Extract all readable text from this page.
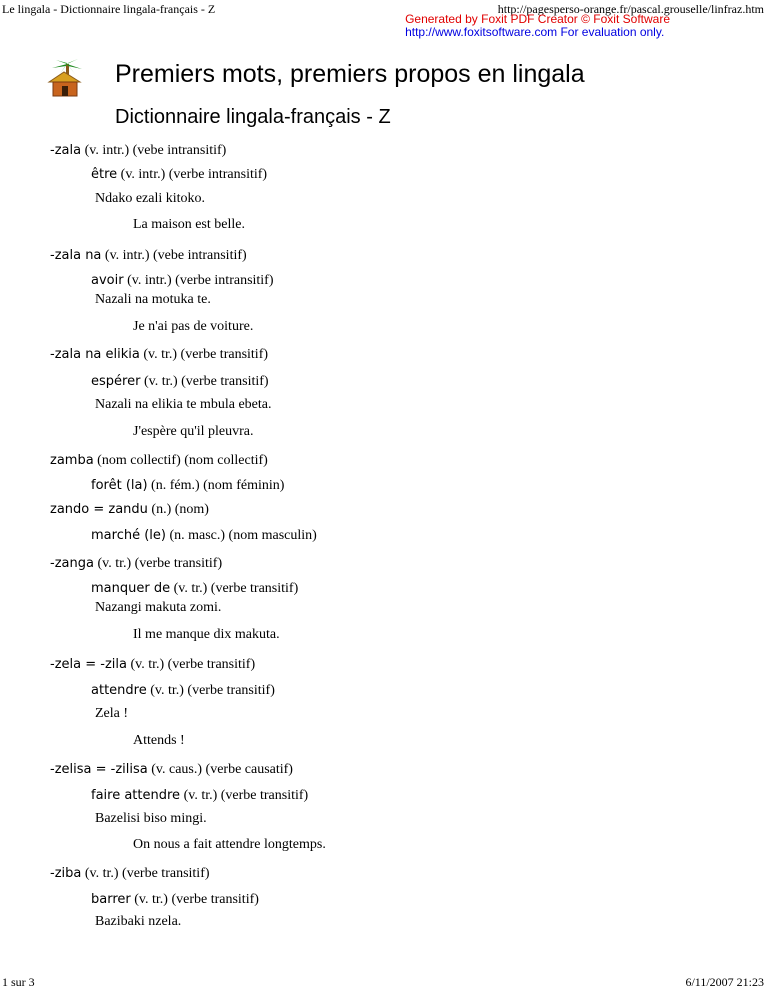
Le lingala - Dictionnaire lingala-français - Z	http://pagesperso-orange.fr/pascal.grouselle/linfraz.htm
Generated by Foxit PDF Creator © Foxit Software
http://www.foxitsoftware.com For evaluation only.
Premiers mots, premiers propos en lingala
Dictionnaire lingala-français - Z
-zala (v. intr.) (vebe intransitif)
être (v. intr.) (verbe intransitif)
Ndako ezali kitoko.
La maison est belle.
-zala na (v. intr.) (vebe intransitif)
avoir (v. intr.) (verbe intransitif)
Nazali na motuka te.
Je n'ai pas de voiture.
-zala na elikia (v. tr.) (verbe transitif)
espérer (v. tr.) (verbe transitif)
Nazali na elikia te mbula ebeta.
J'espère qu'il pleuvra.
zamba (nom collectif) (nom collectif)
forêt (la) (n. fém.) (nom féminin)
zando = zandu (n.) (nom)
marché (le) (n. masc.) (nom masculin)
-zanga (v. tr.) (verbe transitif)
manquer de (v. tr.) (verbe transitif)
Nazangi makuta zomi.
Il me manque dix makuta.
-zela = -zila (v. tr.) (verbe transitif)
attendre (v. tr.) (verbe transitif)
Zela !
Attends !
-zelisa = -zilisa (v. caus.) (verbe causatif)
faire attendre (v. tr.) (verbe transitif)
Bazelisi biso mingi.
On nous a fait attendre longtemps.
-ziba (v. tr.) (verbe transitif)
barrer (v. tr.) (verbe transitif)
Bazibaki nzela.
1 sur 3	6/11/2007 21:23
